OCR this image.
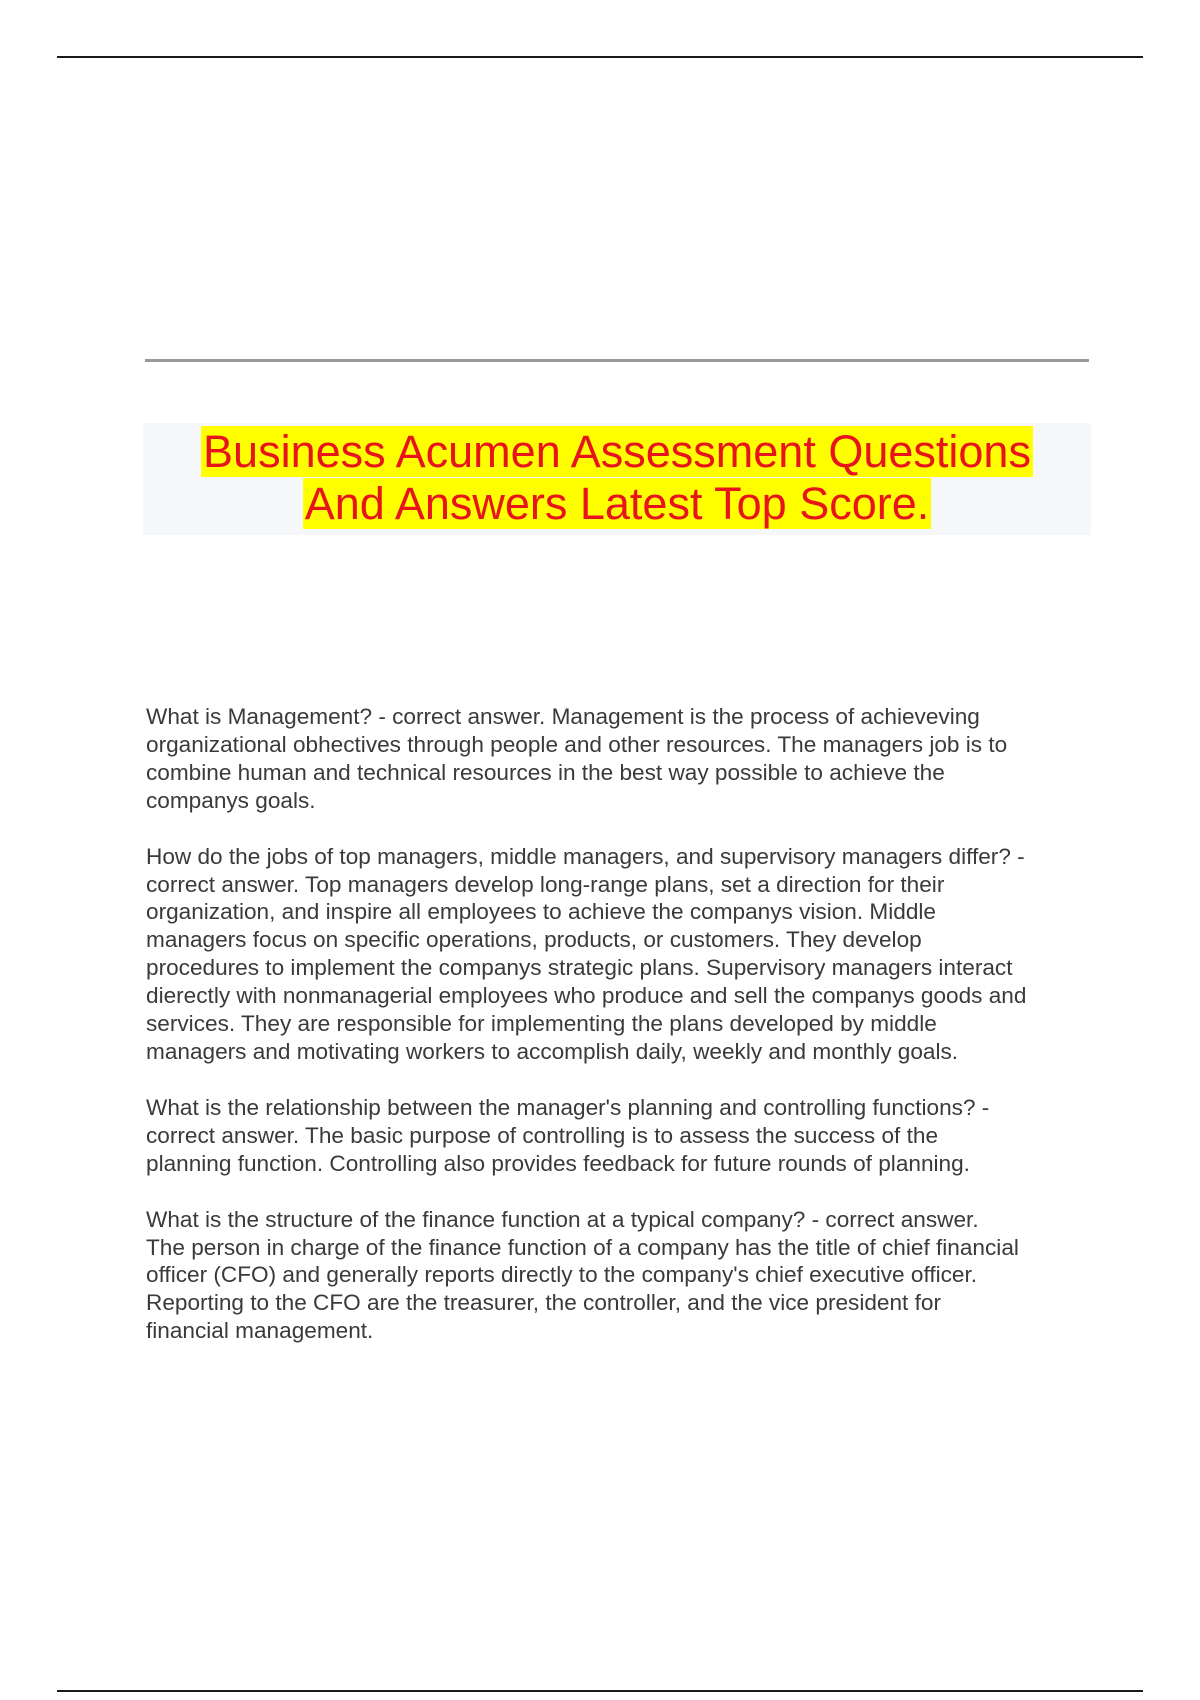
Business Acumen Assessment Questions

And Answers Latest Top Score.

What is Management? - correct answer. Management is the process of achieveving
organizational obhectives through people and other resources. The managers job is to
combine human and technical resources in the best way possible to achieve the
companys goals.

How do the jobs of top managers, middle managers, and supervisory managers differ? -
correct answer. Top managers develop long-range plans, set a direction for their
organization, and inspire all employees to achieve the companys vision. Middle
managers focus on specific operations, products, or customers. They develop
procedures to implement the companys strategic plans. Supervisory managers interact
dierectly with nonmanagerial employees who produce and sell the companys goods and
services. They are responsible for implementing the plans developed by middle
managers and motivating workers to accomplish daily, weekly and monthly goals.

What is the relationship between the manager's planning and controlling functions? -
correct answer. The basic purpose of controlling is to assess the success of the
planning function. Controlling also provides feedback for future rounds of planning.

What is the structure of the finance function at a typical company? - correct answer.
The person in charge of the finance function of a company has the title of chief financial
officer (CFO) and generally reports directly to the company's chief executive officer.
Reporting to the CFO are the treasurer, the controller, and the vice president for
financial management.
